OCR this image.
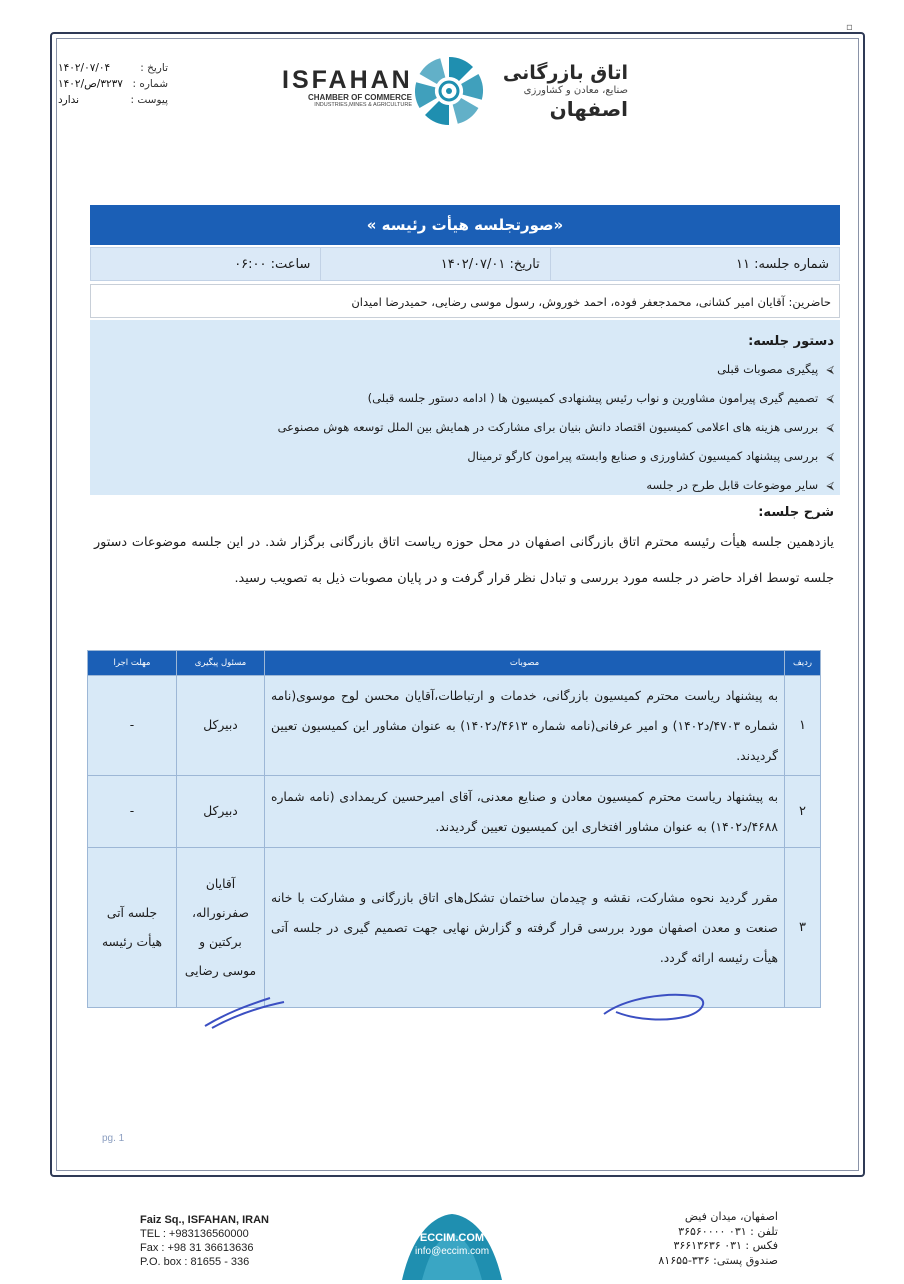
▫
تاریخ :
۱۴۰۲/۰۷/۰۴
شماره :
۳۲۳۷/ص/۱۴۰۲
پیوست :
ندارد
ISFAHAN
CHAMBER OF COMMERCE
INDUSTRIES,MINES & AGRICULTURE
اتاق بازرگانی
صنایع، معادن و کشاورزی
اصفهان
«صورتجلسه هیأت رئیسه »
شماره جلسه: ۱۱
تاریخ: ۱۴۰۲/۰۷/۰۱
ساعت: ۰۶:۰۰
حاضرین: آقایان امیر کشانی، محمدجعفر فوده، احمد خوروش، رسول موسی رضایی، حمیدرضا امیدان
دستور جلسه:
⮘
پیگیری مصوبات قبلی
⮘
تصمیم گیری پیرامون مشاورین و نواب رئیس پیشنهادی کمیسیون ها ( ادامه دستور جلسه قبلی)
⮘
بررسی هزینه های اعلامی کمیسیون اقتصاد دانش بنیان برای مشارکت در همایش بین الملل توسعه هوش مصنوعی
⮘
بررسی پیشنهاد کمیسیون کشاورزی و صنایع وابسته پیرامون کارگو ترمینال
⮘
سایر موضوعات قابل طرح در جلسه
شرح جلسه:

یازدهمین جلسه هیأت رئیسه محترم اتاق بازرگانی اصفهان در محل حوزه ریاست اتاق بازرگانی برگزار شد. در این جلسه موضوعات دستور جلسه توسط افراد حاضر در جلسه مورد بررسی و تبادل نظر قرار گرفت و در پایان مصوبات ذیل به تصویب رسید.

ردیف	مصوبات	مسئول پیگیری	مهلت اجرا
۱	به پیشنهاد ریاست محترم کمیسیون بازرگانی، خدمات و ارتباطات،آقایان محسن لوح موسوی(نامه شماره ۴۷۰۳/د۱۴۰۲) و امیر عرفانی(نامه شماره ۴۶۱۳/د۱۴۰۲) به عنوان مشاور این کمیسیون تعیین گردیدند.	دبیرکل	-
۲	به پیشنهاد ریاست محترم کمیسیون معادن و صنایع معدنی، آقای امیرحسین کریمدادی (نامه شماره ۴۶۸۸/د۱۴۰۲) به عنوان مشاور افتخاری این کمیسیون تعیین گردیدند.	دبیرکل	-
۳	مقرر گردید نحوه مشارکت، نقشه و چیدمان ساختمان تشکل‌های اتاق بازرگانی و مشارکت با خانه صنعت و معدن اصفهان مورد بررسی قرار گرفته و گزارش نهایی جهت تصمیم گیری در جلسه آتی هیأت رئیسه ارائه گردد.	آقایان صفرنوراله، برکتین و موسی رضایی	جلسه آتی هیأت رئیسه
pg. 1
Faiz Sq., ISFAHAN, IRAN
TEL : +983136560000
Fax : +98 31 36613636
P.O. box : 81655 - 336
ECCIM.COM
info@eccim.com
اصفهان، میدان فیض
تلفن : ۰۳۱ ۳۶۵۶۰۰۰۰
فکس : ۰۳۱ ۳۶۶۱۳۶۳۶
صندوق پستی: ۳۳۶-۸۱۶۵۵
